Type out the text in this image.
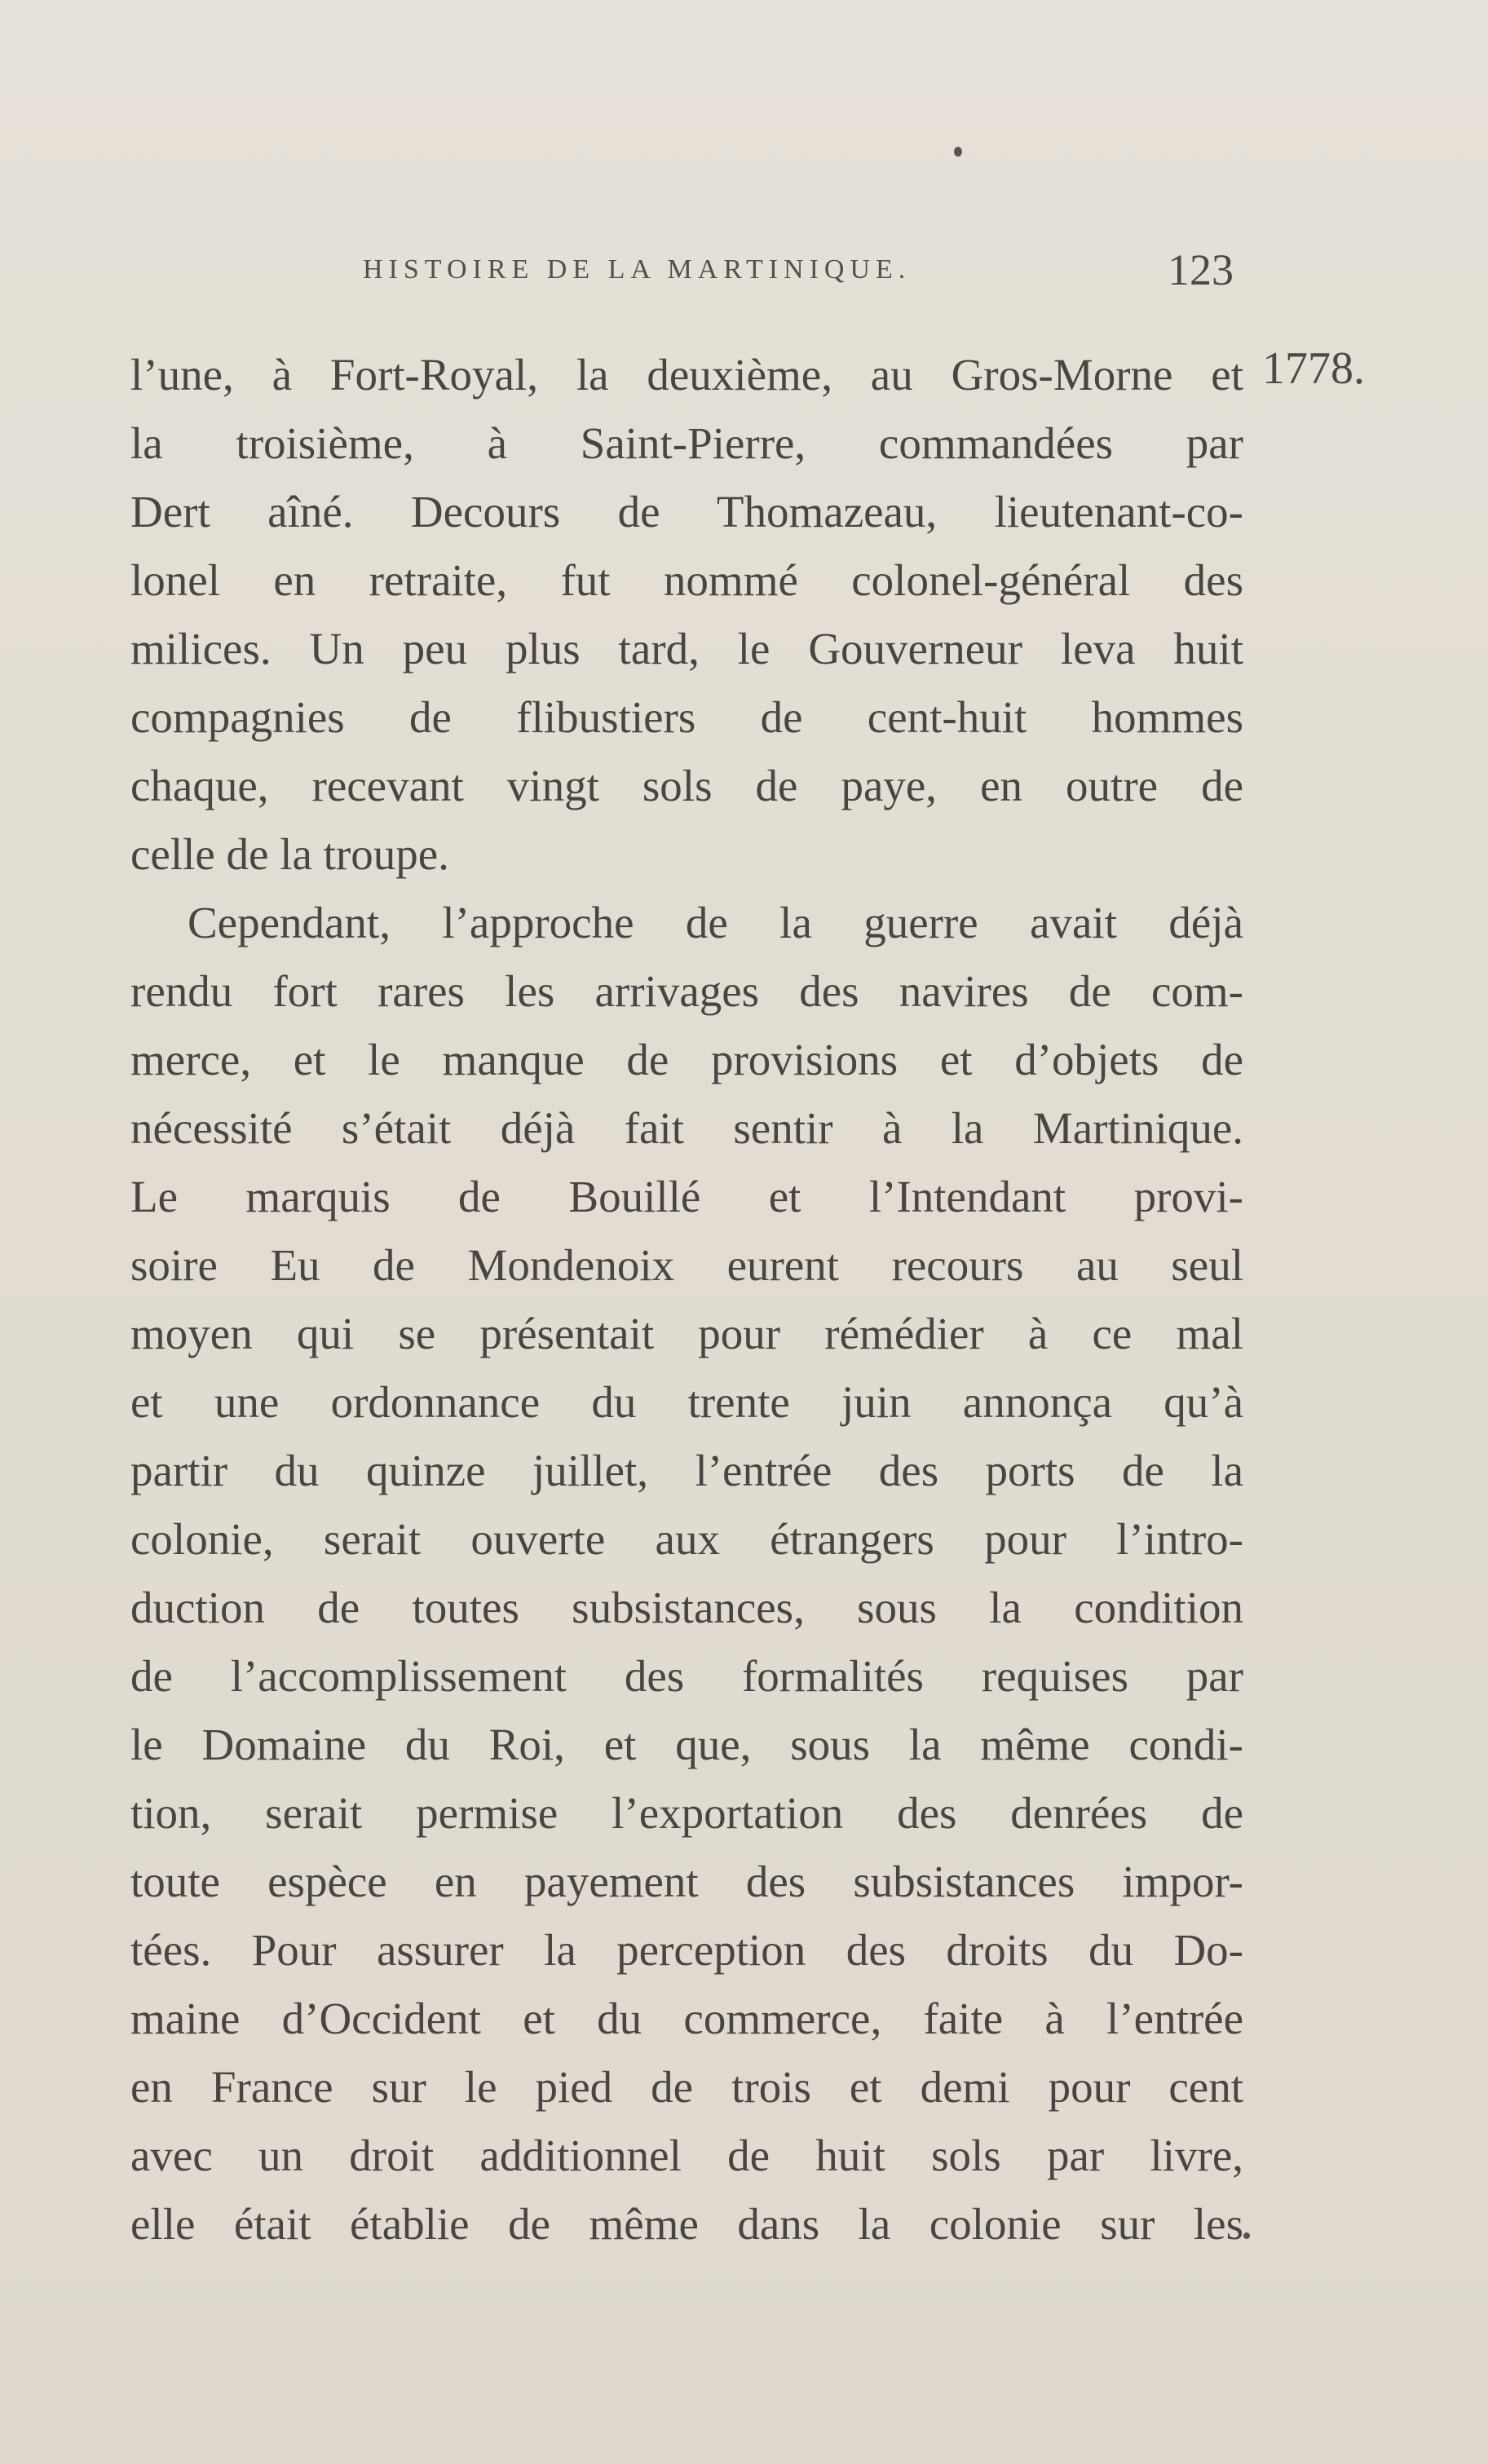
HISTOIRE DE LA MARTINIQUE.	123
1778.
l’une, à Fort-Royal, la deuxième, au Gros-Morne et
la troisième, à Saint-Pierre, commandées par
Dert aîné. Decours de Thomazeau, lieutenant-co-
lonel en retraite, fut nommé colonel-général des
milices. Un peu plus tard, le Gouverneur leva huit
compagnies de flibustiers de cent-huit hommes
chaque, recevant vingt sols de paye, en outre de
celle de la troupe.
Cependant, l’approche de la guerre avait déjà
rendu fort rares les arrivages des navires de com-
merce, et le manque de provisions et d’objets de
nécessité s’était déjà fait sentir à la Martinique.
Le marquis de Bouillé et l’Intendant provi-
soire Eu de Mondenoix eurent recours au seul
moyen qui se présentait pour rémédier à ce mal
et une ordonnance du trente juin annonça qu’à
partir du quinze juillet, l’entrée des ports de la
colonie, serait ouverte aux étrangers pour l’intro-
duction de toutes subsistances, sous la condition
de l’accomplissement des formalités requises par
le Domaine du Roi, et que, sous la même condi-
tion, serait permise l’exportation des denrées de
toute espèce en payement des subsistances impor-
tées. Pour assurer la perception des droits du Do-
maine d’Occident et du commerce, faite à l’entrée
en France sur le pied de trois et demi pour cent
avec un droit additionnel de huit sols par livre,
elle était établie de même dans la colonie sur les
